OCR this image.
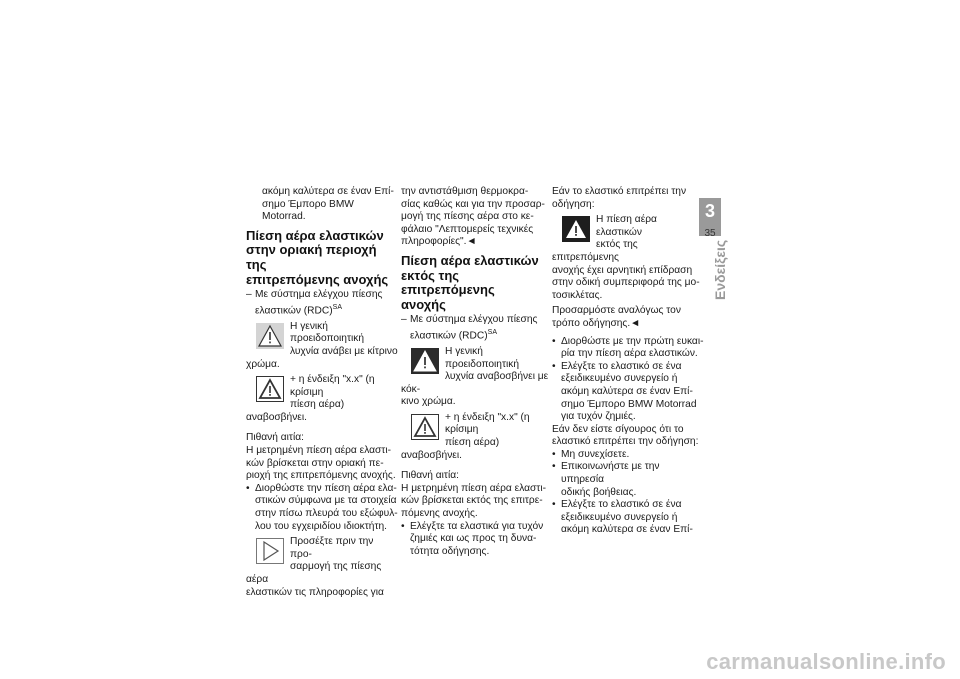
ακόμη καλύτερα σε έναν Επί-

σημο Έμπορο BMW Motorrad.

Πίεση αέρα ελαστικών
στην οριακή περιοχή της
επιτρεπόμενης ανοχής
– Με σύστημα ελέγχου πίεσης
ελαστικών (RDC)$^{SA}$
Η γενική προειδοποιητική
λυχνία ανάβει με κίτρινο
χρώμα.
+ η ένδειξη "x.x" (η κρίσιμη
πίεση αέρα) αναβοσβήνει.

Πιθανή αιτία:

Η μετρημένη πίεση αέρα ελαστι-

κών βρίσκεται στην οριακή πε-

ριοχή της επιτρεπόμενης ανοχής.

• Διορθώστε την πίεση αέρα ελα-
στικών σύμφωνα με τα στοιχεία
στην πίσω πλευρά του εξώφυλ-
λου του εγχειριδίου ιδιοκτήτη.
Προσέξτε πριν την προ-
σαρμογή της πίεσης αέρα
ελαστικών τις πληροφορίες για

την αντιστάθμιση θερμοκρα-

σίας καθώς και για την προσαρ-

μογή της πίεσης αέρα στο κε-

φάλαιο "Λεπτομερείς τεχνικές

πληροφορίες".◄

Πίεση αέρα ελαστικών
εκτός της επιτρεπόμενης
ανοχής
– Με σύστημα ελέγχου πίεσης
ελαστικών (RDC)$^{SA}$
Η γενική προειδοποιητική
λυχνία αναβοσβήνει με κόκ-
κινο χρώμα.
+ η ένδειξη "x.x" (η κρίσιμη
πίεση αέρα) αναβοσβήνει.

Πιθανή αιτία:

Η μετρημένη πίεση αέρα ελαστι-

κών βρίσκεται εκτός της επιτρε-

πόμενης ανοχής.

• Ελέγξτε τα ελαστικά για τυχόν
ζημιές και ως προς τη δυνα-
τότητα οδήγησης.

Εάν το ελαστικό επιτρέπει την

οδήγηση:

Η πίεση αέρα ελαστικών
εκτός της επιτρεπόμενης
ανοχής έχει αρνητική επίδραση
στην οδική συμπεριφορά της μο-
τοσικλέτας.

Προσαρμόστε αναλόγως τον

τρόπο οδήγησης.◄

• Διορθώστε με την πρώτη ευκαι-
ρία την πίεση αέρα ελαστικών.
• Ελέγξτε το ελαστικό σε ένα
εξειδικευμένο συνεργείο ή
ακόμη καλύτερα σε έναν Επί-
σημο Έμπορο BMW Motorrad
για τυχόν ζημιές.

Εάν δεν είστε σίγουρος ότι το

ελαστικό επιτρέπει την οδήγηση:

• Μη συνεχίσετε.
• Επικοινωνήστε με την υπηρεσία
οδικής βοήθειας.
• Ελέγξτε το ελαστικό σε ένα
εξειδικευμένο συνεργείο ή
ακόμη καλύτερα σε έναν Επί-
3
35
Ενδείξεις
carmanualsonline.info
